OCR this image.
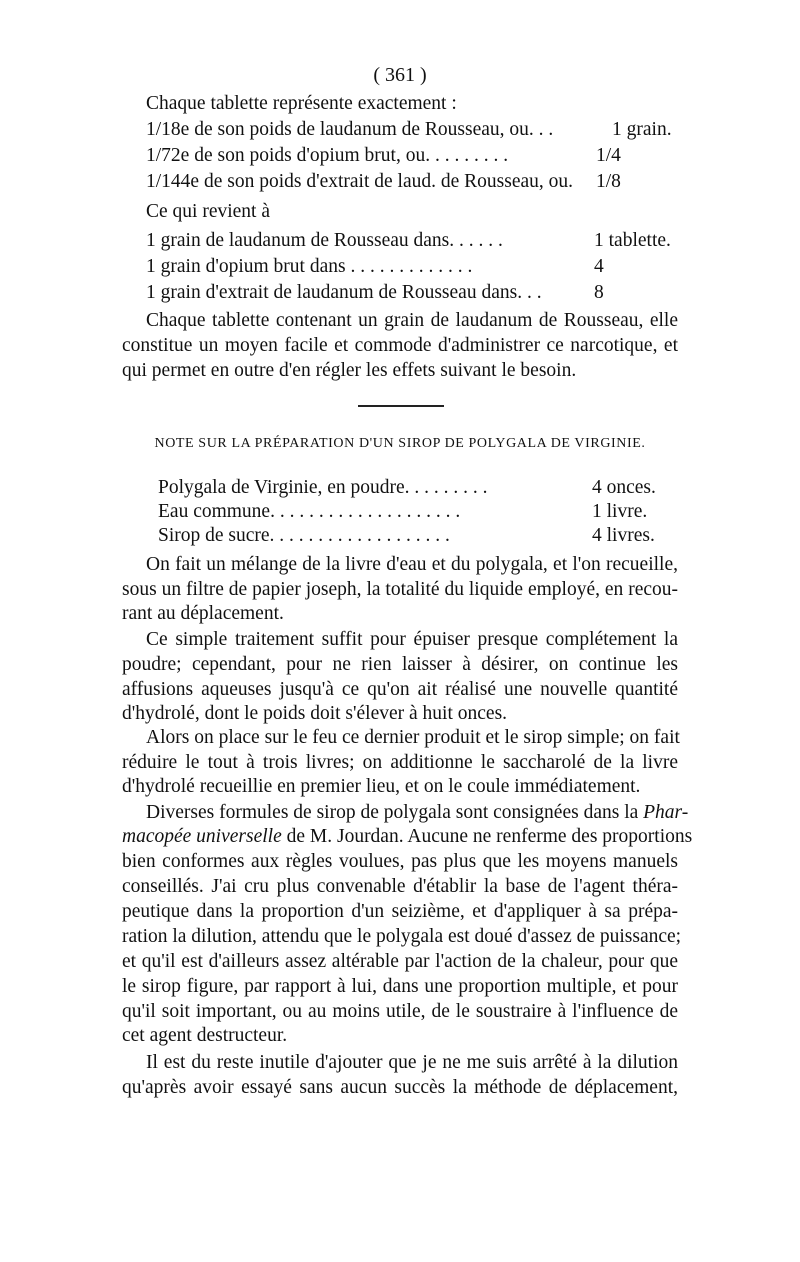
( 361 )
Chaque tablette représente exactement :
1/18e de son poids de laudanum de Rousseau, ou. . .	1 grain.
1/72e de son poids d'opium brut, ou. . . . . . . . .	1/4
1/144e de son poids d'extrait de laud. de Rousseau, ou. 1/8
Ce qui revient à
1 grain de laudanum de Rousseau dans. . . . . .	1 tablette.
1 grain d'opium brut dans . . . . . . . . . . . . .	4
1 grain d'extrait de laudanum de Rousseau dans. . .	8
Chaque tablette contenant un grain de laudanum de Rousseau, elle
constitue un moyen facile et commode d'administrer ce narcotique, et
qui permet en outre d'en régler les effets suivant le besoin.
NOTE SUR LA PRÉPARATION D'UN SIROP DE POLYGALA DE VIRGINIE.
Polygala de Virginie, en poudre. . . . . . . . .	4 onces.
Eau commune. . . . . . . . . . . . . . . . . . . .	1 livre.
Sirop de sucre. . . . . . . . . . . . . . . . . . .	4 livres.
On fait un mélange de la livre d'eau et du polygala, et l'on recueille,
sous un filtre de papier joseph, la totalité du liquide employé, en recou-
rant au déplacement.
Ce simple traitement suffit pour épuiser presque complétement la
poudre; cependant, pour ne rien laisser à désirer, on continue les
affusions aqueuses jusqu'à ce qu'on ait réalisé une nouvelle quantité
d'hydrolé, dont le poids doit s'élever à huit onces.
Alors on place sur le feu ce dernier produit et le sirop simple; on fait
réduire le tout à trois livres; on additionne le saccharolé de la livre
d'hydrolé recueillie en premier lieu, et on le coule immédiatement.
Diverses formules de sirop de polygala sont consignées dans la Phar-
macopée universelle de M. Jourdan. Aucune ne renferme des proportions
bien conformes aux règles voulues, pas plus que les moyens manuels
conseillés. J'ai cru plus convenable d'établir la base de l'agent théra-
peutique dans la proportion d'un seizième, et d'appliquer à sa prépa-
ration la dilution, attendu que le polygala est doué d'assez de puissance;
et qu'il est d'ailleurs assez altérable par l'action de la chaleur, pour que
le sirop figure, par rapport à lui, dans une proportion multiple, et pour
qu'il soit important, ou au moins utile, de le soustraire à l'influence de
cet agent destructeur.
Il est du reste inutile d'ajouter que je ne me suis arrêté à la dilution
qu'après avoir essayé sans aucun succès la méthode de déplacement,
